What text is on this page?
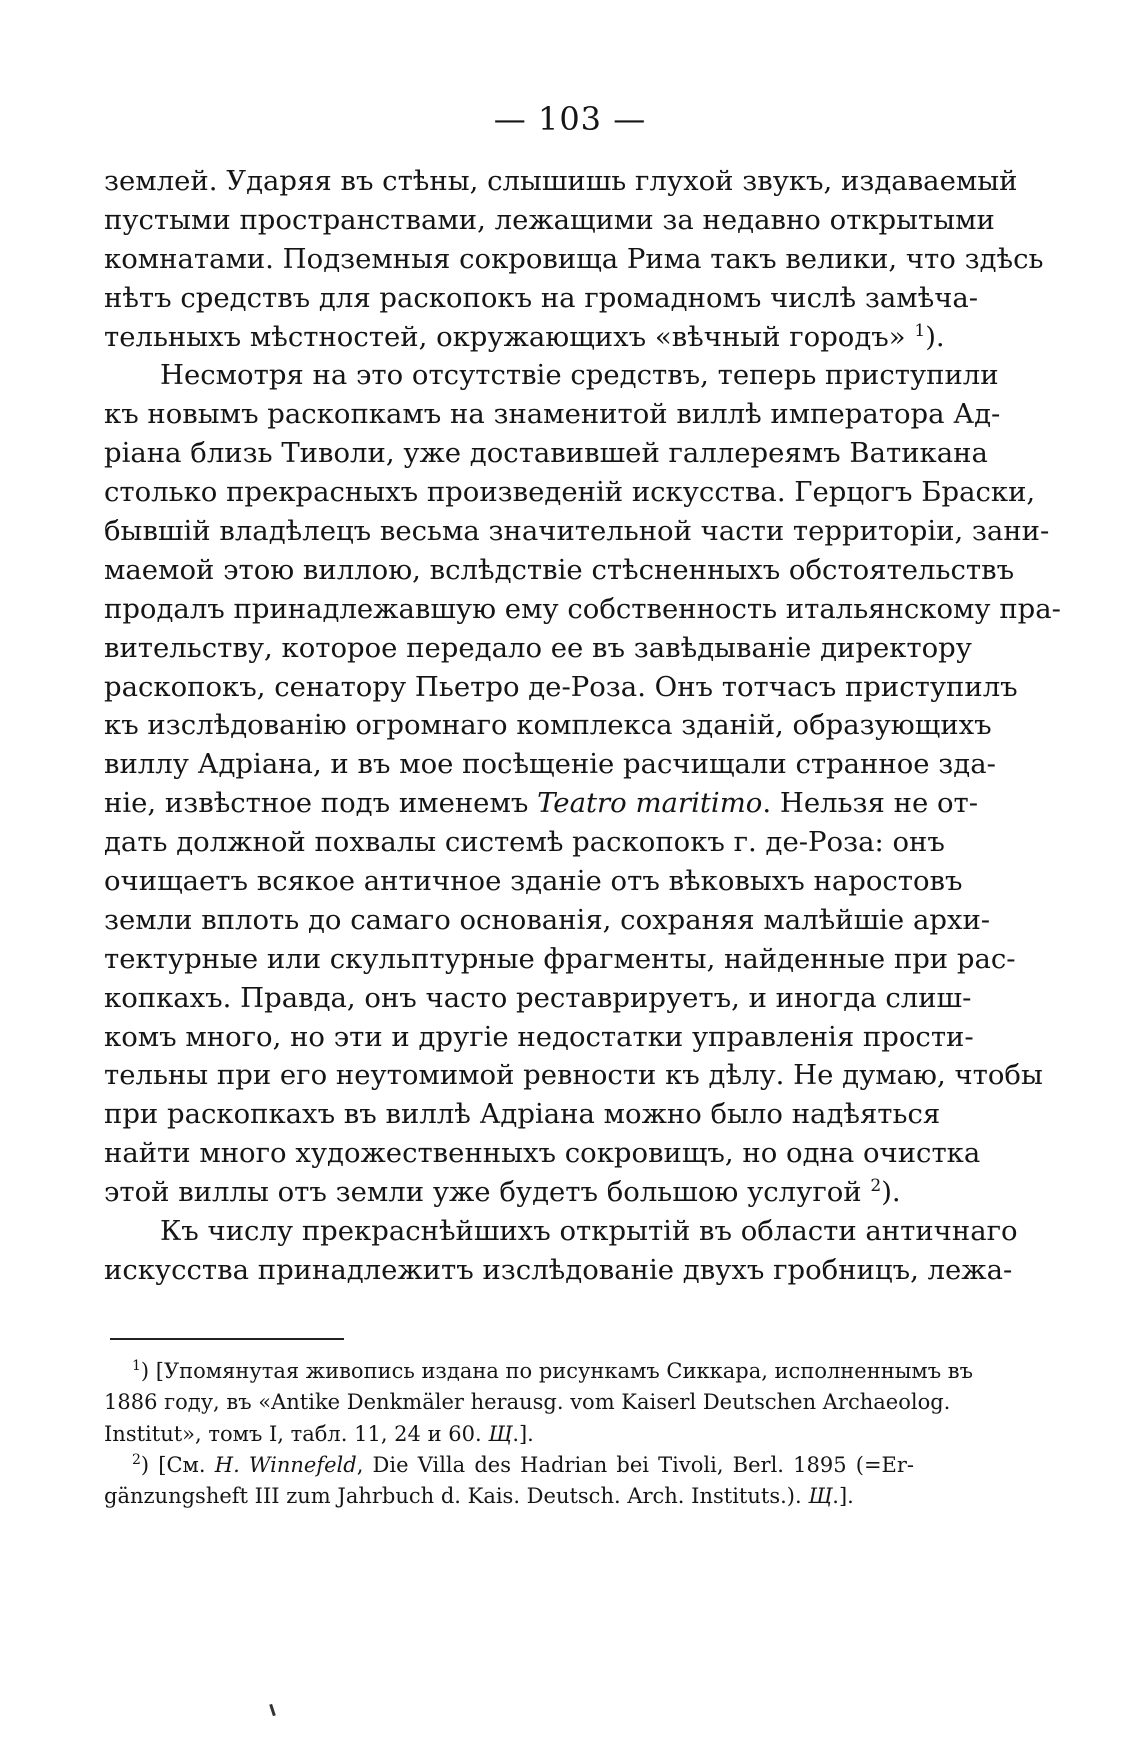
— 103 —
землей. Ударяя въ стѣны, слышишь глухой звукъ, издаваемый
пустыми пространствами, лежащими за недавно открытыми
комнатами. Подземныя сокровища Рима такъ велики, что здѣсь
нѣтъ средствъ для раскопокъ на громадномъ числѣ замѣча-
тельныхъ мѣстностей, окружающихъ «вѣчный городъ» $^1$).
Несмотря на это отсутствіе средствъ, теперь приступили
къ новымъ раскопкамъ на знаменитой виллѣ императора Ад-
ріана близь Тиволи, уже доставившей галлереямъ Ватикана
столько прекрасныхъ произведеній искусства. Герцогъ Браски,
бывшій владѣлецъ весьма значительной части территоріи, зани-
маемой этою виллою, вслѣдствіе стѣсненныхъ обстоятельствъ
продалъ принадлежавшую ему собственность итальянскому пра-
вительству, которое передало ее въ завѣдываніе директору
раскопокъ, сенатору Пьетро де-Роза. Онъ тотчасъ приступилъ
къ изслѣдованію огромнаго комплекса зданій, образующихъ
виллу Адріана, и въ мое посѣщеніе расчищали странное зда-
ніе, извѣстное подъ именемъ Teatro maritimo. Нельзя не от-
дать должной похвалы системѣ раскопокъ г. де-Роза: онъ
очищаетъ всякое античное зданіе отъ вѣковыхъ наростовъ
земли вплоть до самаго основанія, сохраняя малѣйшіе архи-
тектурные или скульптурные фрагменты, найденные при рас-
копкахъ. Правда, онъ часто реставрируетъ, и иногда слиш-
комъ много, но эти и другіе недостатки управленія прости-
тельны при его неутомимой ревности къ дѣлу. Не думаю, чтобы
при раскопкахъ въ виллѣ Адріана можно было надѣяться
найти много художественныхъ сокровищъ, но одна очистка
этой виллы отъ земли уже будетъ большою услугой $^2$).
Къ числу прекраснѣйшихъ открытій въ области античнаго
искусства принадлежитъ изслѣдованіе двухъ гробницъ, лежа-
$^1$) [Упомянутая живопись издана по рисункамъ Сиккара, исполненнымъ въ
1886 году, въ «Antike Denkmäler herausg. vom Kaiserl Deutschen Archaeolog.
Institut», томъ I, табл. 11, 24 и 60. Щ.].
$^2$) [См. H. Winnefeld, Die Villa des Hadrian bei Tivoli, Berl. 1895 (=Er-
gänzungsheft III zum Jahrbuch d. Kais. Deutsch. Arch. Instituts.). Щ.].
